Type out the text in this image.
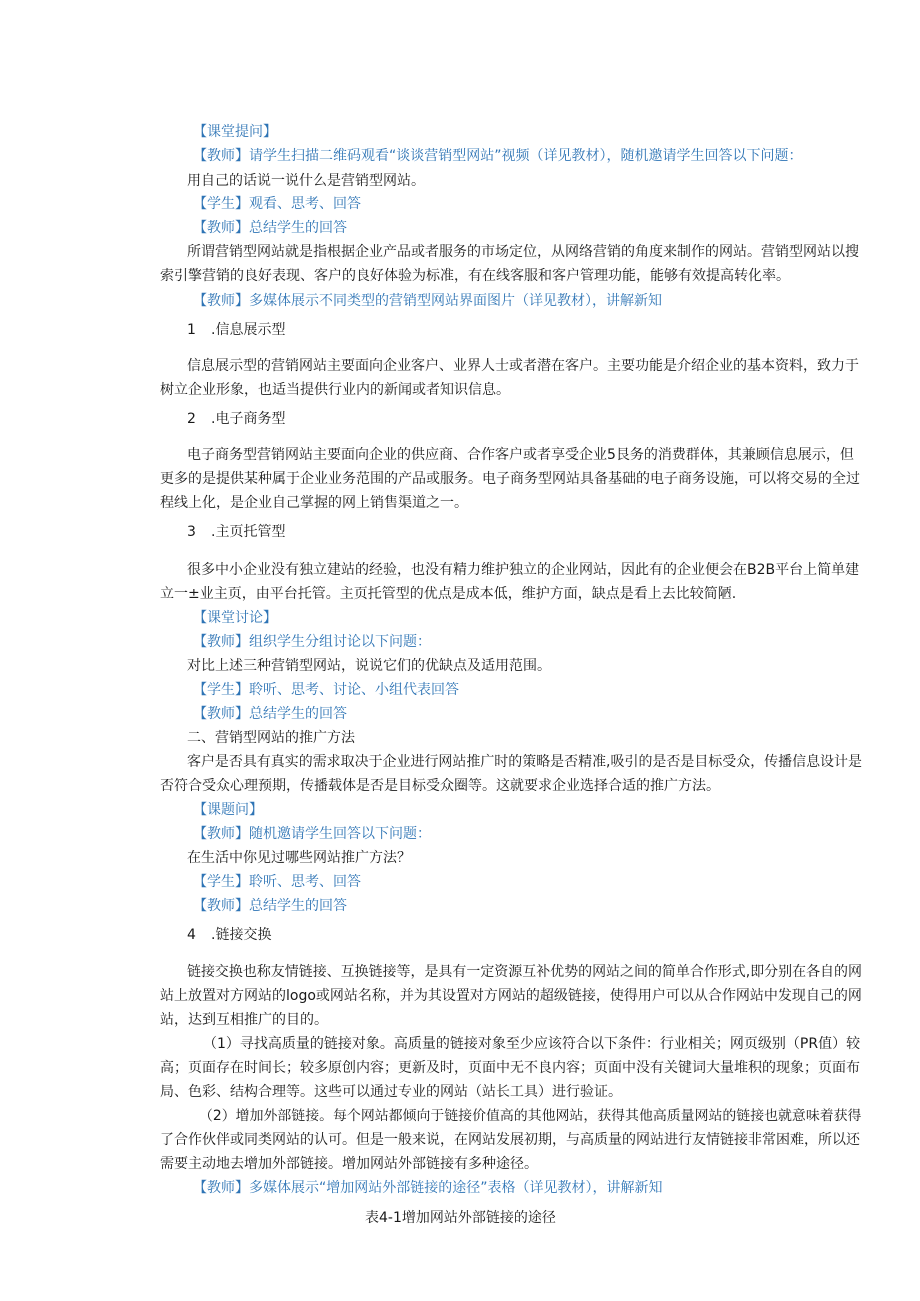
【课堂提问】

【教师】请学生扫描二维码观看“谈谈营销型网站”视频（详见教材），随机邀请学生回答以下问题：

用自己的话说一说什么是营销型网站。

【学生】观看、思考、回答

【教师】总结学生的回答

所谓营销型网站就是指根据企业产品或者服务的市场定位，从网络营销的角度来制作的网站。营销型网站以搜

索引擎营销的良好表现、客户的良好体验为标准，有在线客服和客户管理功能，能够有效提高转化率。

【教师】多媒体展示不同类型的营销型网站界面图片（详见教材），讲解新知

1 .信息展示型

信息展示型的营销网站主要面向企业客户、业界人士或者潜在客户。主要功能是介绍企业的基本资料，致力于

树立企业形象，也适当提供行业内的新闻或者知识信息。

2 .电子商务型

电子商务型营销网站主要面向企业的供应商、合作客户或者享受企业5艮务的消费群体，其兼顾信息展示，但

更多的是提供某种属于企业业务范围的产品或服务。电子商务型网站具备基础的电子商务设施，可以将交易的全过

程线上化，是企业自己掌握的网上销售渠道之一。

3 .主页托管型

很多中小企业没有独立建站的经验，也没有精力维护独立的企业网站，因此有的企业便会在B2B平台上简单建

立一±业主页，由平台托管。主页托管型的优点是成本低，维护方面，缺点是看上去比较简陋.

【课堂讨论】

【教师】组织学生分组讨论以下问题：

对比上述三种营销型网站，说说它们的优缺点及适用范围。

【学生】聆听、思考、讨论、小组代表回答

【教师】总结学生的回答

二、营销型网站的推广方法

客户是否具有真实的需求取决于企业进行网站推广时的策略是否精准,吸引的是否是目标受众，传播信息设计是

否符合受众心理预期，传播载体是否是目标受众圈等。这就要求企业选择合适的推广方法。

【课题问】

【教师】随机邀请学生回答以下问题：

在生活中你见过哪些网站推广方法？

【学生】聆听、思考、回答

【教师】总结学生的回答

4 .链接交换

链接交换也称友情链接、互换链接等，是具有一定资源互补优势的网站之间的简单合作形式,即分别在各自的网

站上放置对方网站的logo或网站名称，并为其设置对方网站的超级链接，使得用户可以从合作网站中发现自己的网

站，达到互相推广的目的。

（1）寻找高质量的链接对象。高质量的链接对象至少应该符合以下条件：行业相关；网页级别（PR值）较

高；页面存在时间长；较多原创内容；更新及时，页面中无不良内容；页面中没有关键词大量堆积的现象；页面布

局、色彩、结构合理等。这些可以通过专业的网站（站长工具）进行验证。

（2）增加外部链接。每个网站都倾向于链接价值高的其他网站，获得其他高质量网站的链接也就意味着获得

了合作伙伴或同类网站的认可。但是一般来说，在网站发展初期，与高质量的网站进行友情链接非常困难，所以还

需要主动地去增加外部链接。增加网站外部链接有多种途径。

【教师】多媒体展示“增加网站外部链接的途径”表格（详见教材），讲解新知

表4-1增加网站外部链接的途径
